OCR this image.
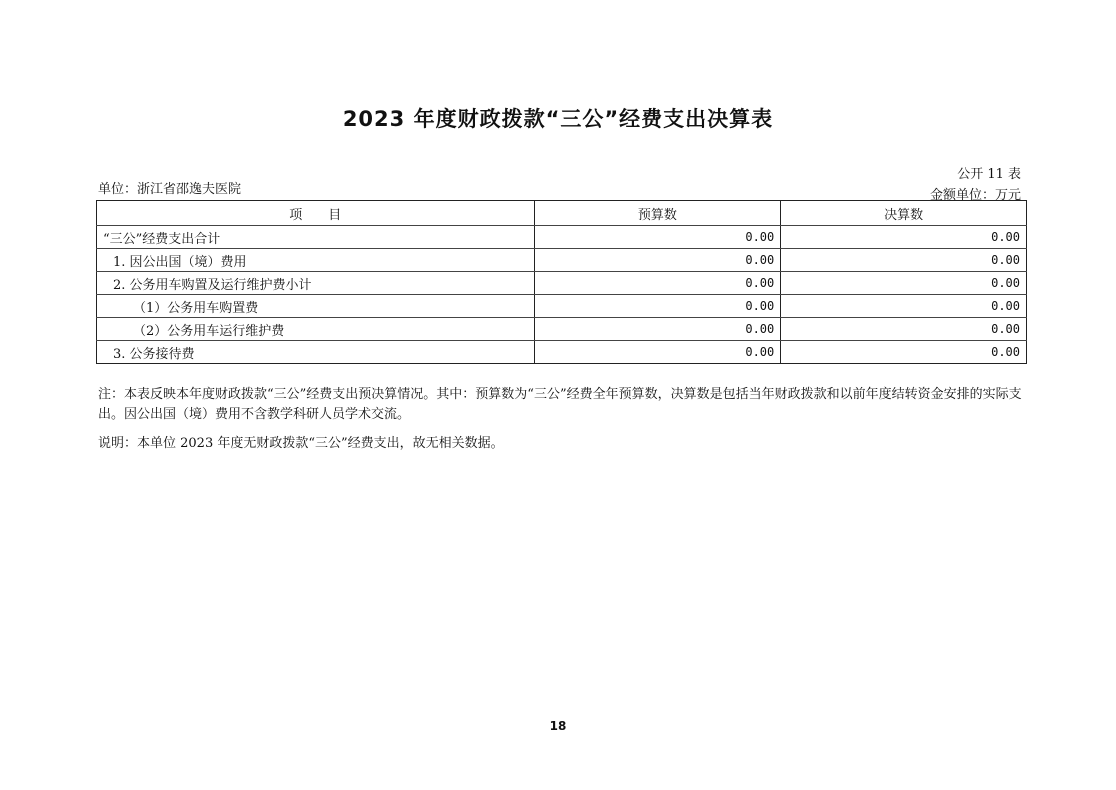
2023 年度财政拨款“三公”经费支出决算表
公开 11 表
单位：浙江省邵逸夫医院	金额单位：万元
项　　目	预算数	决算数
“三公”经费支出合计	0.00	0.00
1. 因公出国（境）费用	0.00	0.00
2. 公务用车购置及运行维护费小计	0.00	0.00
（1）公务用车购置费	0.00	0.00
（2）公务用车运行维护费	0.00	0.00
3. 公务接待费	0.00	0.00
注：本表反映本年度财政拨款“三公”经费支出预决算情况。其中：预算数为“三公”经费全年预算数，决算数是包括当年财政拨款和以前年度结转资金安排的实际支出。因公出国（境）费用不含教学科研人员学术交流。
说明：本单位 2023 年度无财政拨款“三公”经费支出，故无相关数据。
18
